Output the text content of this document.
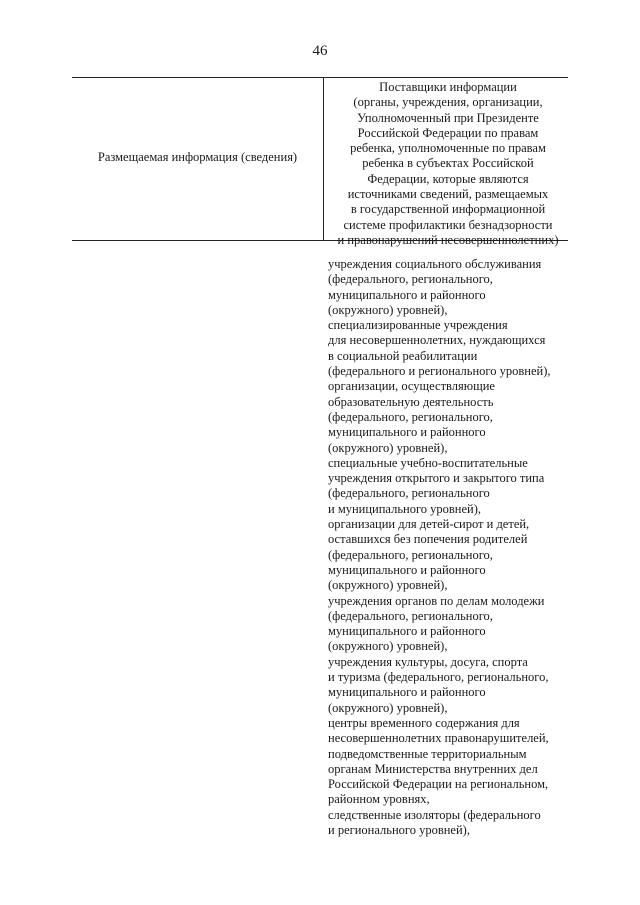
46
Размещаемая информация (сведения)
Поставщики информации
(органы, учреждения, организации,
Уполномоченный при Президенте
Российской Федерации по правам
ребенка, уполномоченные по правам
ребенка в субъектах Российской
Федерации, которые являются
источниками сведений, размещаемых
в государственной информационной
системе профилактики безнадзорности
и правонарушений несовершеннолетних)
учреждения социального обслуживания
(федерального, регионального,
муниципального и районного
(окружного) уровней),
специализированные учреждения
для несовершеннолетних, нуждающихся
в социальной реабилитации
(федерального и регионального уровней),
организации, осуществляющие
образовательную деятельность
(федерального, регионального,
муниципального и районного
(окружного) уровней),
специальные учебно-воспитательные
учреждения открытого и закрытого типа
(федерального, регионального
и муниципального уровней),
организации для детей-сирот и детей,
оставшихся без попечения родителей
(федерального, регионального,
муниципального и районного
(окружного) уровней),
учреждения органов по делам молодежи
(федерального, регионального,
муниципального и районного
(окружного) уровней),
учреждения культуры, досуга, спорта
и туризма (федерального, регионального,
муниципального и районного
(окружного) уровней),
центры временного содержания для
несовершеннолетних правонарушителей,
подведомственные территориальным
органам Министерства внутренних дел
Российской Федерации на региональном,
районном уровнях,
следственные изоляторы (федерального
и регионального уровней),
